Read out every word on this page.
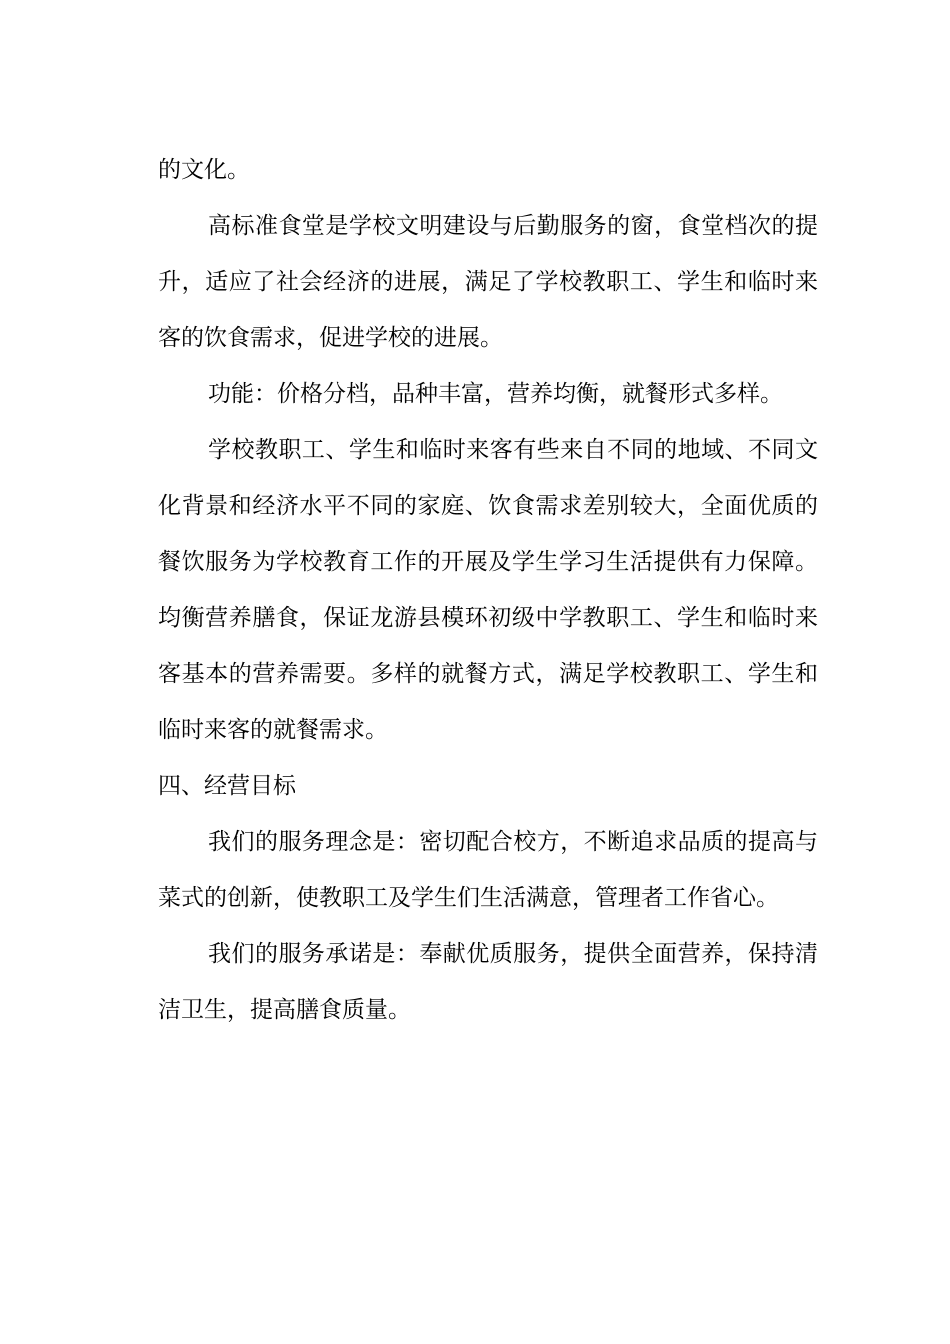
的文化。

高标准食堂是学校文明建设与后勤服务的窗，食堂档次的提升，适应了社会经济的进展，满足了学校教职工、学生和临时来客的饮食需求，促进学校的进展。

功能：价格分档，品种丰富，营养均衡，就餐形式多样。

学校教职工、学生和临时来客有些来自不同的地域、不同文化背景和经济水平不同的家庭、饮食需求差别较大，全面优质的餐饮服务为学校教育工作的开展及学生学习生活提供有力保障。均衡营养膳食，保证龙游县模环初级中学教职工、学生和临时来客基本的营养需要。多样的就餐方式，满足学校教职工、学生和临时来客的就餐需求。

四、经营目标

我们的服务理念是：密切配合校方，不断追求品质的提高与菜式的创新，使教职工及学生们生活满意，管理者工作省心。

我们的服务承诺是：奉献优质服务，提供全面营养，保持清洁卫生，提高膳食质量。
